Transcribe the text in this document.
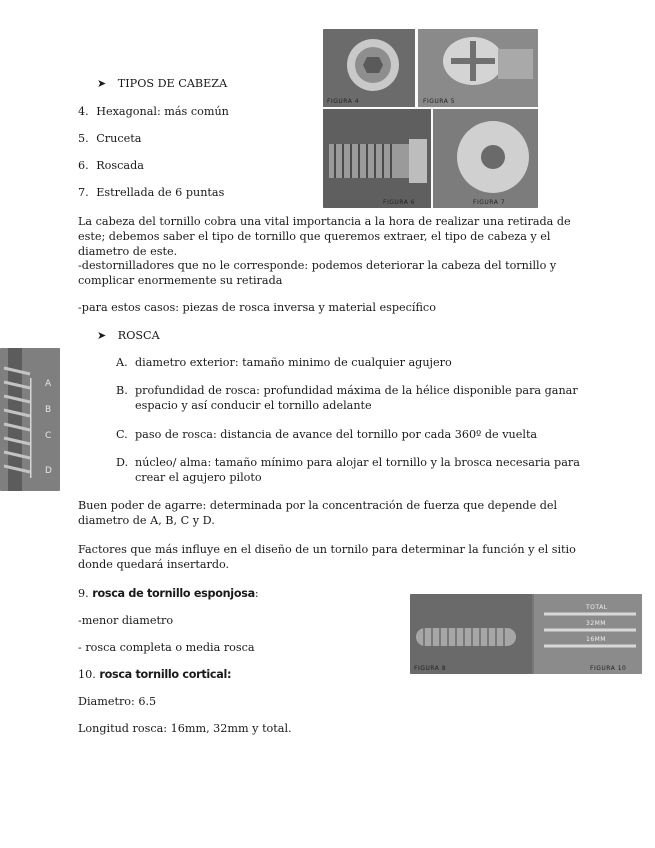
FIGURA 4	FIGURA 5
FIGURA 6	FIGURA 7
A
B
C
D
FIGURA 8
TOTAL
32MM
16MM
FIGURA 10
➤ TIPOS DE CABEZA
4. Hexagonal: más común
5. Cruceta
6. Roscada
7. Estrellada de 6 puntas
La cabeza del tornillo cobra una vital importancia a la hora de realizar una retirada de este; debemos saber el tipo de tornillo que queremos extraer, el tipo de cabeza y el diametro de este.
-destornilladores que no le corresponde: podemos deteriorar la cabeza del tornillo y complicar enormemente su retirada
-para estos casos: piezas de rosca inversa y material específico
➤ ROSCA
A. diametro exterior: tamaño minimo de cualquier agujero
B. profundidad de rosca: profundidad máxima de la hélice disponible para ganar espacio y así conducir el tornillo adelante
C. paso de rosca: distancia de avance del tornillo por cada 360º de vuelta
D. núcleo/ alma: tamaño mínimo para alojar el tornillo y la brosca necesaria para crear el agujero piloto
Buen poder de agarre: determinada por la concentración de fuerza que depende del diametro de A, B, C y D.
Factores que más influye en el diseño de un tornilo para determinar la función y el sitio donde quedará insertardo.
9. rosca de tornillo esponjosa:
-menor diametro
- rosca completa o media rosca
10. rosca tornillo cortical:
Diametro: 6.5
Longitud rosca: 16mm, 32mm y total.
